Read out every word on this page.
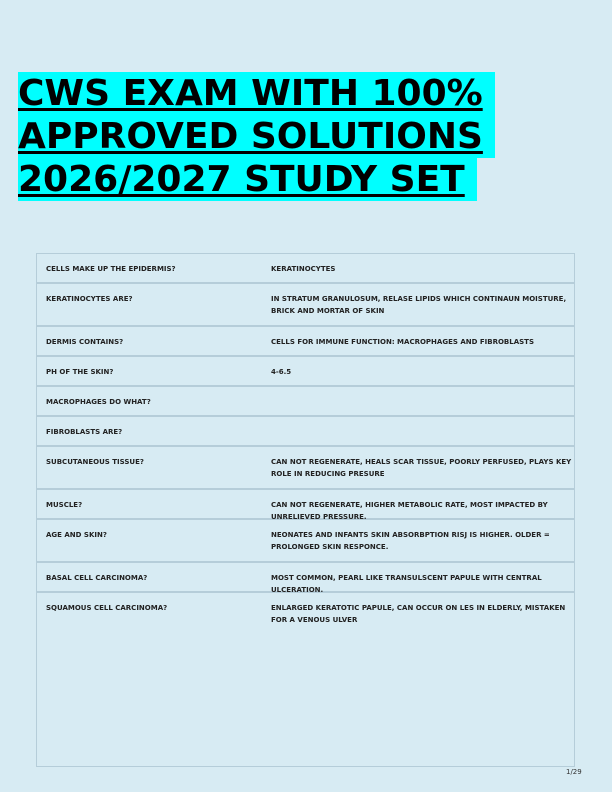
CWS EXAM WITH 100%
APPROVED SOLUTIONS
2026/2027 STUDY SET
CELLS MAKE UP THE EPIDERMIS?	KERATINOCYTES
KERATINOCYTES ARE?	IN STRATUM GRANULOSUM, RELASE LIPIDS WHICH CONTINAUN MOISTURE, BRICK AND MORTAR OF SKIN
DERMIS CONTAINS?	CELLS FOR IMMUNE FUNCTION: MACROPHAGES AND FIBROBLASTS
PH OF THE SKIN?	4-6.5
MACROPHAGES DO WHAT?
FIBROBLASTS ARE?
SUBCUTANEOUS TISSUE?	CAN NOT REGENERATE, HEALS SCAR TISSUE, POORLY PERFUSED, PLAYS KEY ROLE IN REDUCING PRESURE
MUSCLE?	CAN NOT REGENERATE, HIGHER METABOLIC RATE, MOST IMPACTED BY UNRELIEVED PRESSURE.
AGE AND SKIN?	NEONATES AND INFANTS SKIN ABSORBPTION RISJ IS HIGHER. OLDER = PROLONGED SKIN RESPONCE.
BASAL CELL CARCINOMA?	MOST COMMON, PEARL LIKE TRANSULSCENT PAPULE WITH CENTRAL ULCERATION.
SQUAMOUS CELL CARCINOMA?	ENLARGED KERATOTIC PAPULE, CAN OCCUR ON LES IN ELDERLY, MISTAKEN FOR A VENOUS ULVER
1/29
